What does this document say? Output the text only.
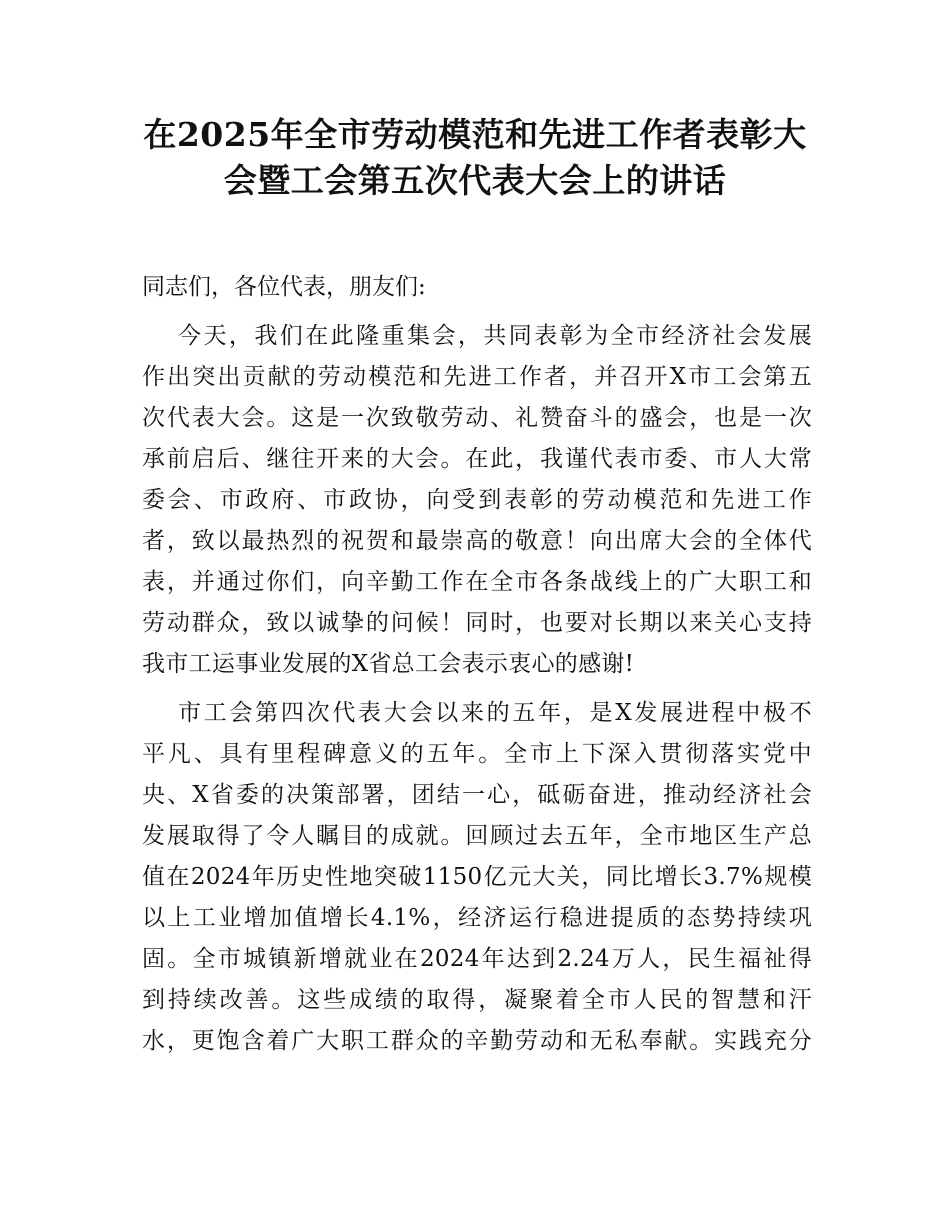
在2025年全市劳动模范和先进工作者表彰大
会暨工会第五次代表大会上的讲话

同志们，各位代表，朋友们:

今天，我们在此隆重集会，共同表彰为全市经济社会发展
作出突出贡献的劳动模范和先进工作者，并召开X市工会第五
次代表大会。这是一次致敬劳动、礼赞奋斗的盛会，也是一次
承前启后、继往开来的大会。在此，我谨代表市委、市人大常
委会、市政府、市政协，向受到表彰的劳动模范和先进工作
者，致以最热烈的祝贺和最崇高的敬意！向出席大会的全体代
表，并通过你们，向辛勤工作在全市各条战线上的广大职工和
劳动群众，致以诚挚的问候！同时，也要对长期以来关心支持
我市工运事业发展的X省总工会表示衷心的感谢!

市工会第四次代表大会以来的五年，是X发展进程中极不
平凡、具有里程碑意义的五年。全市上下深入贯彻落实党中
央、X省委的决策部署，团结一心，砥砺奋进，推动经济社会
发展取得了令人瞩目的成就。回顾过去五年，全市地区生产总
值在2024年历史性地突破1150亿元大关，同比增长3.7%规模
以上工业增加值增长4.1%，经济运行稳进提质的态势持续巩
固。全市城镇新增就业在2024年达到2.24万人，民生福祉得
到持续改善。这些成绩的取得，凝聚着全市人民的智慧和汗
水，更饱含着广大职工群众的辛勤劳动和无私奉献。实践充分
